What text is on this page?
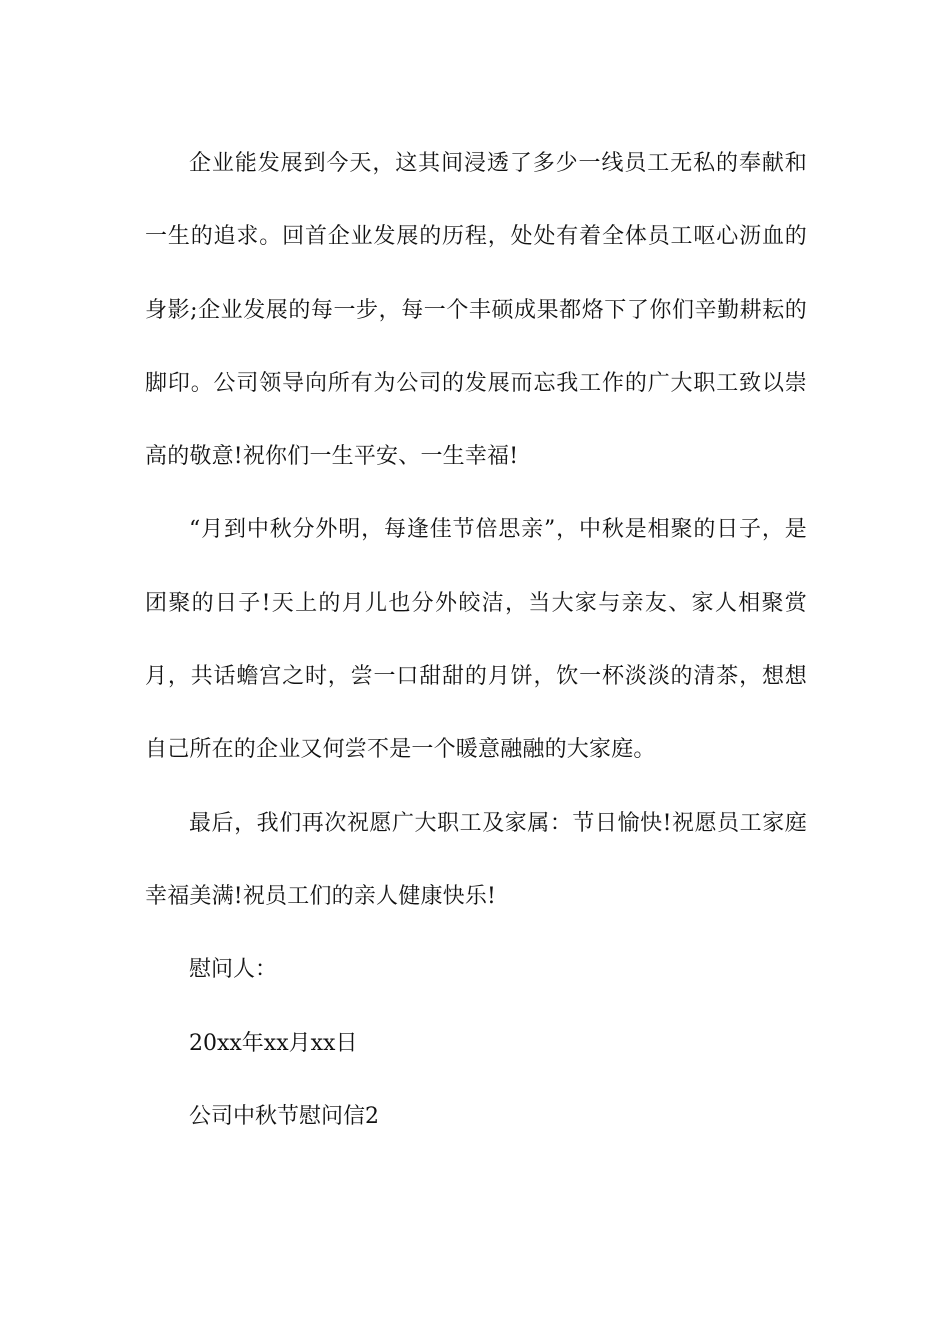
企业能发展到今天，这其间浸透了多少一线员工无私的奉献和一生的追求。回首企业发展的历程，处处有着全体员工呕心沥血的身影;企业发展的每一步，每一个丰硕成果都烙下了你们辛勤耕耘的脚印。公司领导向所有为公司的发展而忘我工作的广大职工致以崇高的敬意!祝你们一生平安、一生幸福!

“月到中秋分外明，每逢佳节倍思亲”，中秋是相聚的日子，是团聚的日子!天上的月儿也分外皎洁，当大家与亲友、家人相聚赏月，共话蟾宫之时，尝一口甜甜的月饼，饮一杯淡淡的清茶，想想自己所在的企业又何尝不是一个暖意融融的大家庭。

最后，我们再次祝愿广大职工及家属：节日愉快!祝愿员工家庭幸福美满!祝员工们的亲人健康快乐!

慰问人：

20xx年xx月xx日

公司中秋节慰问信2
